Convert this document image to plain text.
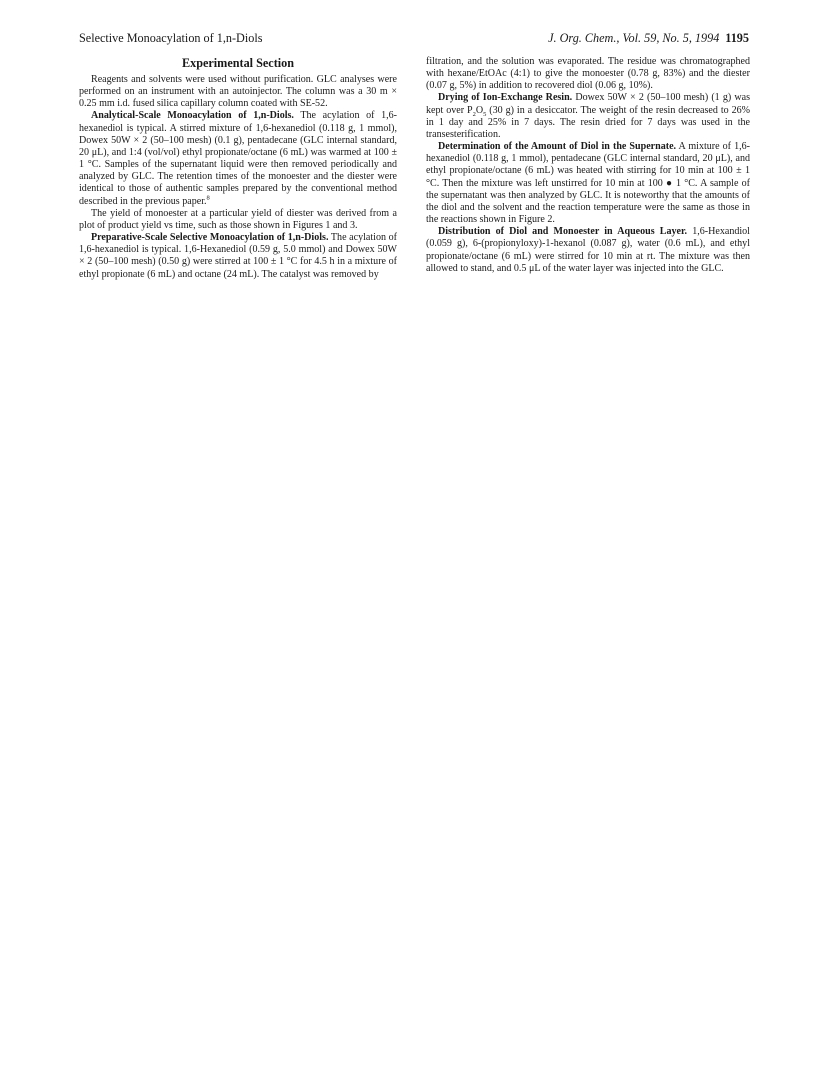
Selective Monoacylation of 1,n-Diols	J. Org. Chem., Vol. 59, No. 5, 1994 1195
Experimental Section

Reagents and solvents were used without purification. GLC analyses were performed on an instrument with an autoinjector. The column was a 30 m × 0.25 mm i.d. fused silica capillary column coated with SE-52.

Analytical-Scale Monoacylation of 1,n-Diols. The acylation of 1,6-hexanediol is typical. A stirred mixture of 1,6-hexanediol (0.118 g, 1 mmol), Dowex 50W × 2 (50–100 mesh) (0.1 g), pentadecane (GLC internal standard, 20 μL), and 1:4 (vol/vol) ethyl propionate/octane (6 mL) was warmed at 100 ± 1 °C. Samples of the supernatant liquid were then removed periodically and analyzed by GLC. The retention times of the monoester and the diester were identical to those of authentic samples prepared by the conventional method described in the previous paper.$^8$

The yield of monoester at a particular yield of diester was derived from a plot of product yield vs time, such as those shown in Figures 1 and 3.

Preparative-Scale Selective Monoacylation of 1,n-Diols. The acylation of 1,6-hexanediol is typical. 1,6-Hexanediol (0.59 g, 5.0 mmol) and Dowex 50W × 2 (50–100 mesh) (0.50 g) were stirred at 100 ± 1 °C for 4.5 h in a mixture of ethyl propionate (6 mL) and octane (24 mL). The catalyst was removed by

filtration, and the solution was evaporated. The residue was chromatographed with hexane/EtOAc (4:1) to give the monoester (0.78 g, 83%) and the diester (0.07 g, 5%) in addition to recovered diol (0.06 g, 10%).

Drying of Ion-Exchange Resin. Dowex 50W × 2 (50–100 mesh) (1 g) was kept over $P_2O_5$ (30 g) in a desiccator. The weight of the resin decreased to 26% in 1 day and 25% in 7 days. The resin dried for 7 days was used in the transesterification.

Determination of the Amount of Diol in the Supernate. A mixture of 1,6-hexanediol (0.118 g, 1 mmol), pentadecane (GLC internal standard, 20 μL), and ethyl propionate/octane (6 mL) was heated with stirring for 10 min at 100 ± 1 °C. Then the mixture was left unstirred for 10 min at 100 ● 1 °C. A sample of the supernatant was then analyzed by GLC. It is noteworthy that the amounts of the diol and the solvent and the reaction temperature were the same as those in the reactions shown in Figure 2.

Distribution of Diol and Monoester in Aqueous Layer. 1,6-Hexandiol (0.059 g), 6-(propionyloxy)-1-hexanol (0.087 g), water (0.6 mL), and ethyl propionate/octane (6 mL) were stirred for 10 min at rt. The mixture was then allowed to stand, and 0.5 μL of the water layer was injected into the GLC.
